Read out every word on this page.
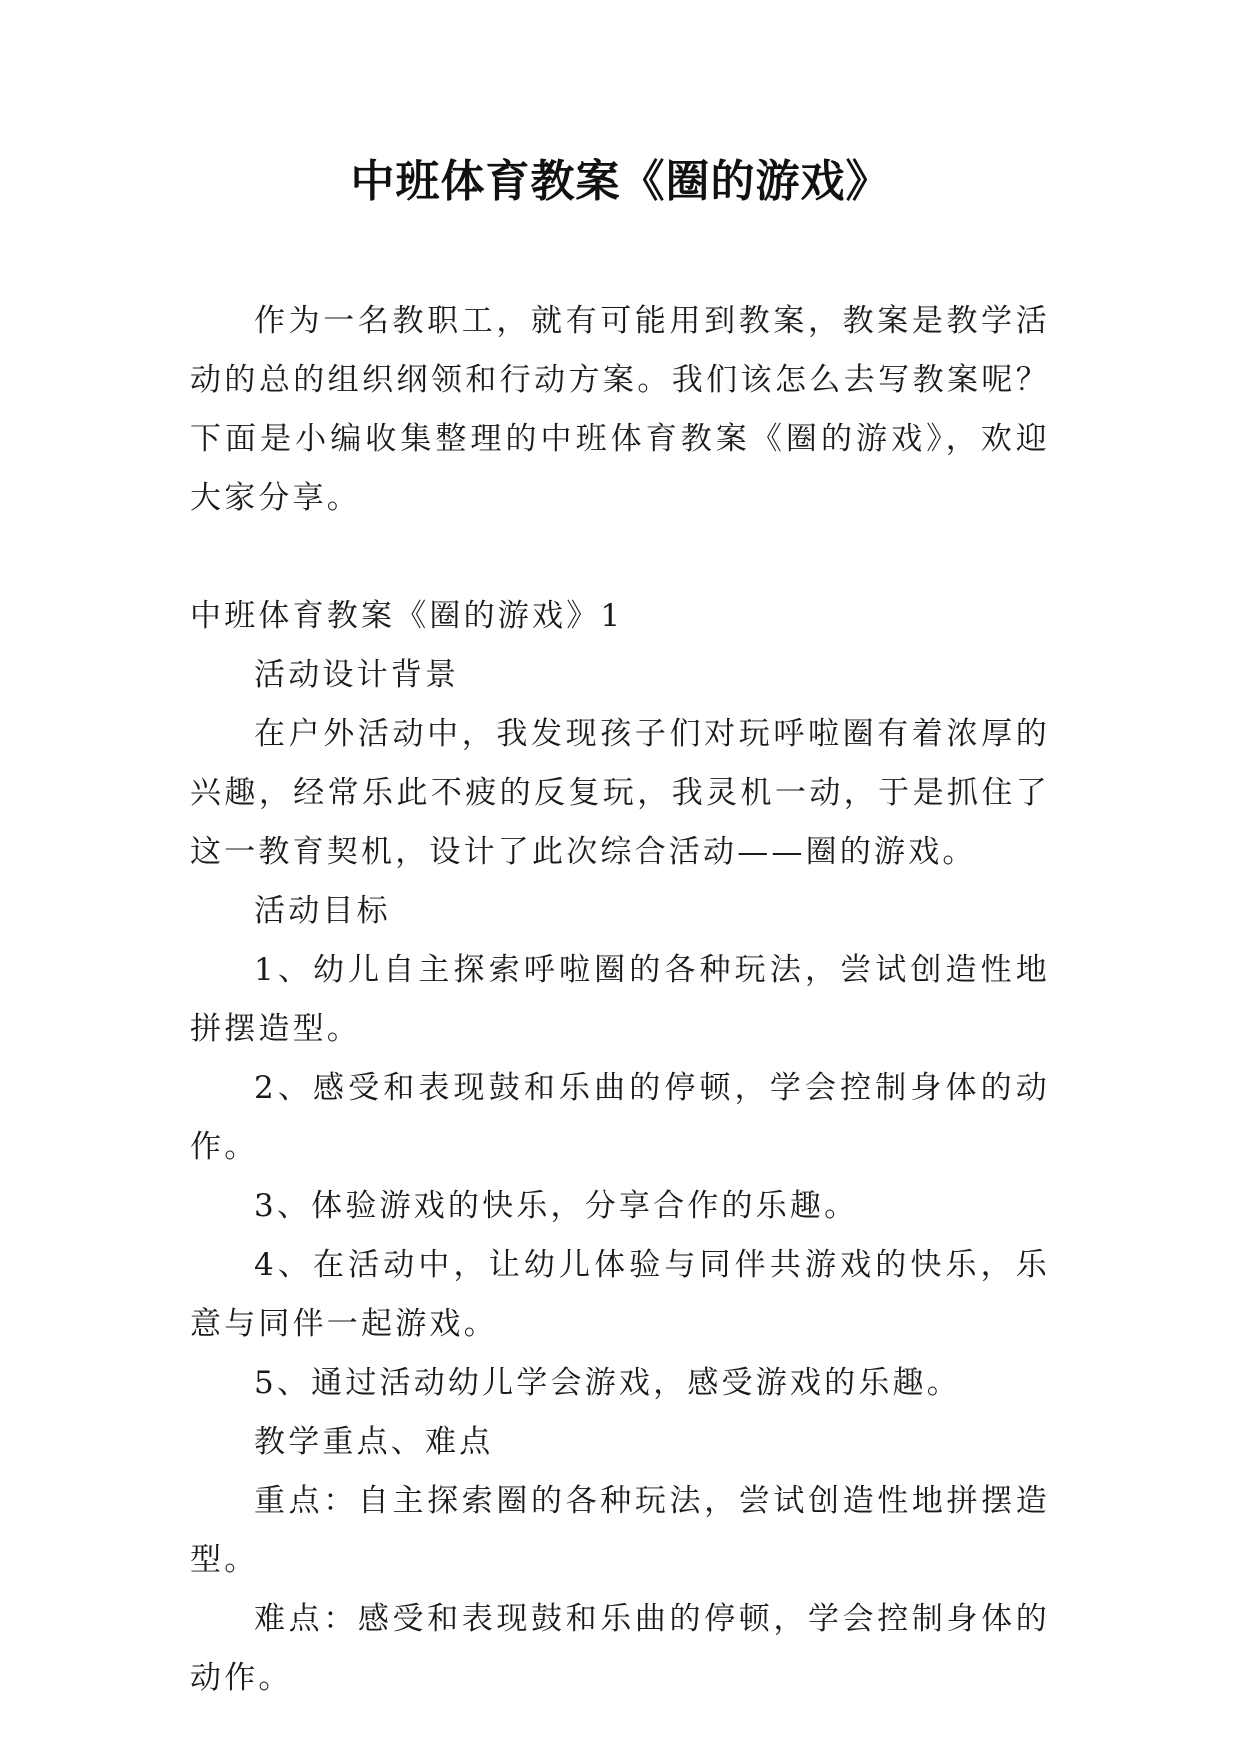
中班体育教案《圈的游戏》

作为一名教职工，就有可能用到教案，教案是教学活动的总的组织纲领和行动方案。我们该怎么去写教案呢？下面是小编收集整理的中班体育教案《圈的游戏》，欢迎大家分享。

中班体育教案《圈的游戏》1

活动设计背景

在户外活动中，我发现孩子们对玩呼啦圈有着浓厚的兴趣，经常乐此不疲的反复玩，我灵机一动，于是抓住了这一教育契机，设计了此次综合活动——圈的游戏。

活动目标

1、幼儿自主探索呼啦圈的各种玩法，尝试创造性地拼摆造型。

2、感受和表现鼓和乐曲的停顿，学会控制身体的动作。

3、体验游戏的快乐，分享合作的乐趣。

4、在活动中，让幼儿体验与同伴共游戏的快乐，乐意与同伴一起游戏。

5、通过活动幼儿学会游戏，感受游戏的乐趣。

教学重点、难点

重点：自主探索圈的各种玩法，尝试创造性地拼摆造型。

难点：感受和表现鼓和乐曲的停顿，学会控制身体的动作。
